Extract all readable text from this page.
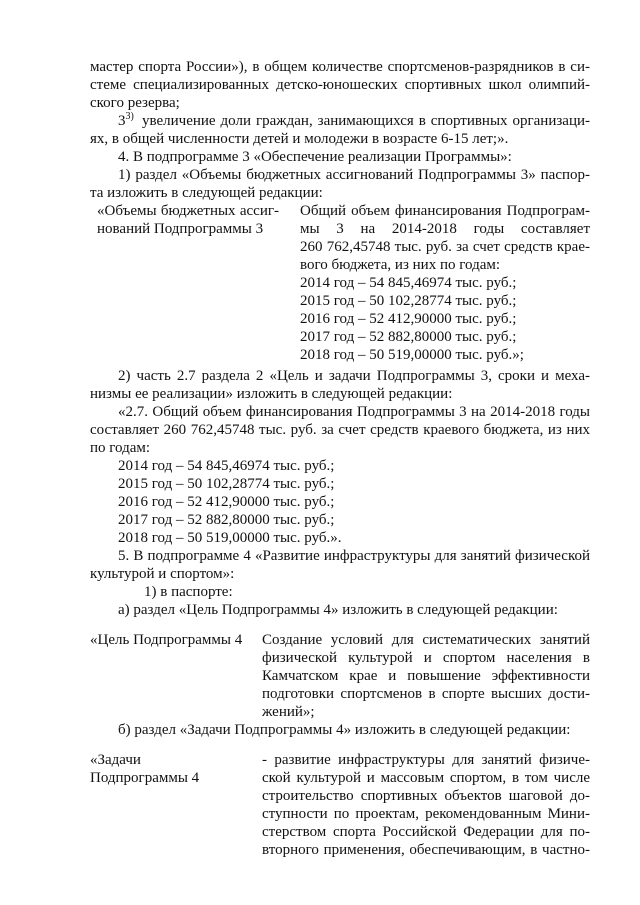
мастер спорта России»), в общем количестве спортсменов-разрядников в си-
стеме специализированных детско-юношеских спортивных школ олимпий-
ского резерва;
3$^{3)}$ увеличение доли граждан, занимающихся в спортивных организаци-
ях, в общей численности детей и молодежи в возрасте 6-15 лет;».
4. В подпрограмме 3 «Обеспечение реализации Программы»:
1) раздел «Объемы бюджетных ассигнований Подпрограммы 3» паспор-
та изложить в следующей редакции:
«Объемы бюджетных ассиг-
нований Подпрограммы 3
Общий объем финансирования Подпрограм-
мы 3 на 2014-2018 годы составляет
260 762,45748 тыс. руб. за счет средств крае-
вого бюджета, из них по годам:
2014 год – 54 845,46974 тыс. руб.;
2015 год – 50 102,28774 тыс. руб.;
2016 год – 52 412,90000 тыс. руб.;
2017 год – 52 882,80000 тыс. руб.;
2018 год – 50 519,00000 тыс. руб.»;
2) часть 2.7 раздела 2 «Цель и задачи Подпрограммы 3, сроки и меха-
низмы ее реализации» изложить в следующей редакции:
«2.7. Общий объем финансирования Подпрограммы 3 на 2014-2018 годы
составляет 260 762,45748 тыс. руб. за счет средств краевого бюджета, из них
по годам:
2014 год – 54 845,46974 тыс. руб.;
2015 год – 50 102,28774 тыс. руб.;
2016 год – 52 412,90000 тыс. руб.;
2017 год – 52 882,80000 тыс. руб.;
2018 год – 50 519,00000 тыс. руб.».
5. В подпрограмме 4 «Развитие инфраструктуры для занятий физической
культурой и спортом»:
1) в паспорте:
а) раздел «Цель Подпрограммы 4» изложить в следующей редакции:
«Цель Подпрограммы 4 Создание условий для систематических занятий
физической культурой и спортом населения в
Камчатском крае и повышение эффективности
подготовки спортсменов в спорте высших дости-
жений»;
б) раздел «Задачи Подпрограммы 4» изложить в следующей редакции:
«Задачи
Подпрограммы 4
- развитие инфраструктуры для занятий физиче-
ской культурой и массовым спортом, в том числе
строительство спортивных объектов шаговой до-
ступности по проектам, рекомендованным Мини-
стерством спорта Российской Федерации для по-
вторного применения, обеспечивающим, в частно-
